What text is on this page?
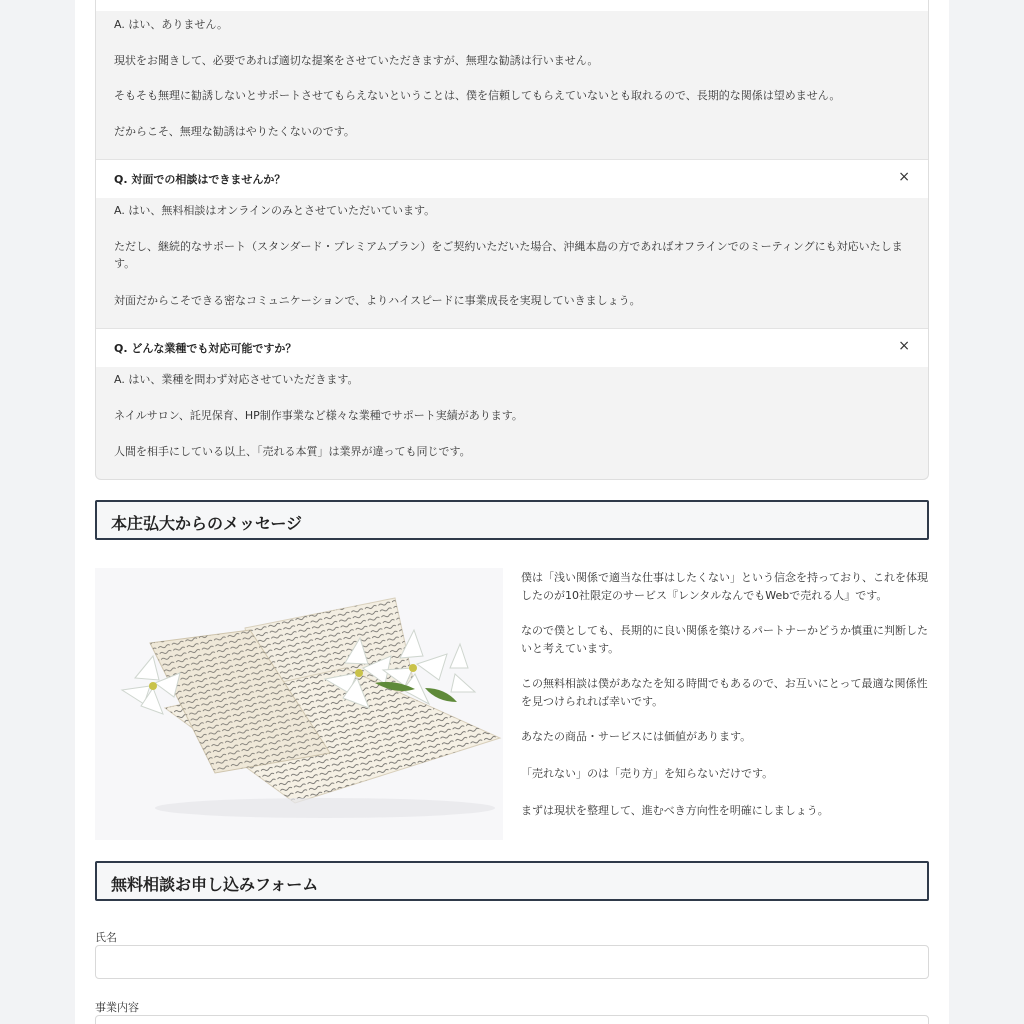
A. はい、ありません。

現状をお聞きして、必要であれば適切な提案をさせていただきますが、無理な勧誘は行いません。

そもそも無理に勧誘しないとサポートさせてもらえないということは、僕を信頼してもらえていないとも取れるので、長期的な関係は望めません。

だからこそ、無理な勧誘はやりたくないのです。

Q. 対面での相談はできませんか？	×

A. はい、無料相談はオンラインのみとさせていただいています。

ただし、継続的なサポート（スタンダード・プレミアムプラン）をご契約いただいた場合、沖縄本島の方であればオフラインでのミーティングにも対応いたします。

対面だからこそできる密なコミュニケーションで、よりハイスピードに事業成長を実現していきましょう。

Q. どんな業種でも対応可能ですか？	×

A. はい、業種を問わず対応させていただきます。

ネイルサロン、託児保育、HP制作事業など様々な業種でサポート実績があります。

人間を相手にしている以上、「売れる本質」は業界が違っても同じです。

本庄弘大からのメッセージ

僕は「浅い関係で適当な仕事はしたくない」という信念を持っており、これを体現したのが10社限定のサービス『レンタルなんでもWebで売れる人』です。

なので僕としても、長期的に良い関係を築けるパートナーかどうか慎重に判断したいと考えています。

この無料相談は僕があなたを知る時間でもあるので、お互いにとって最適な関係性を見つけられれば幸いです。

あなたの商品・サービスには価値があります。

「売れない」のは「売り方」を知らないだけです。

まずは現状を整理して、進むべき方向性を明確にしましょう。

無料相談お申し込みフォーム
氏名
事業内容
